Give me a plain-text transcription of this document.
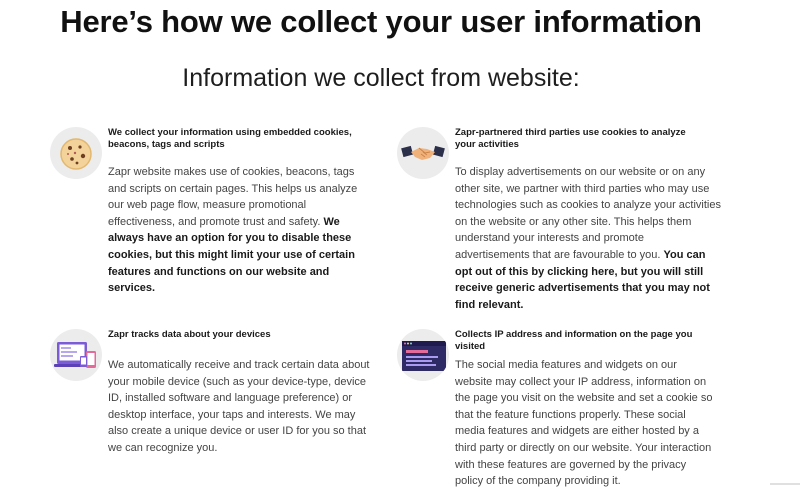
Here’s how we collect your user information
Information we collect from website:
We collect your information using embedded cookies, beacons, tags and scripts
Zapr website makes use of cookies, beacons, tags and scripts on certain pages. This helps us analyze our web page flow, measure promotional effectiveness, and promote trust and safety. We always have an option for you to disable these cookies, but this might limit your use of certain features and functions on our website and services.
Zapr-partnered third parties use cookies to analyze your activities
To display advertisements on our website or on any other site, we partner with third parties who may use technologies such as cookies to analyze your activities on the website or any other site. This helps them understand your interests and promote advertisements that are favourable to you. You can opt out of this by clicking here, but you will still receive generic advertisements that you may not find relevant.
Zapr tracks data about your devices
We automatically receive and track certain data about your mobile device (such as your device-type, device ID, installed software and language preference) or desktop interface, your taps and interests. We may also create a unique device or user ID for you so that we can recognize you.
Collects IP address and information on the page you visited
The social media features and widgets on our website may collect your IP address, information on the page you visit on the website and set a cookie so that the feature functions properly. These social media features and widgets are either hosted by a third party or directly on our website. Your interaction with these features are governed by the privacy policy of the company providing it.
